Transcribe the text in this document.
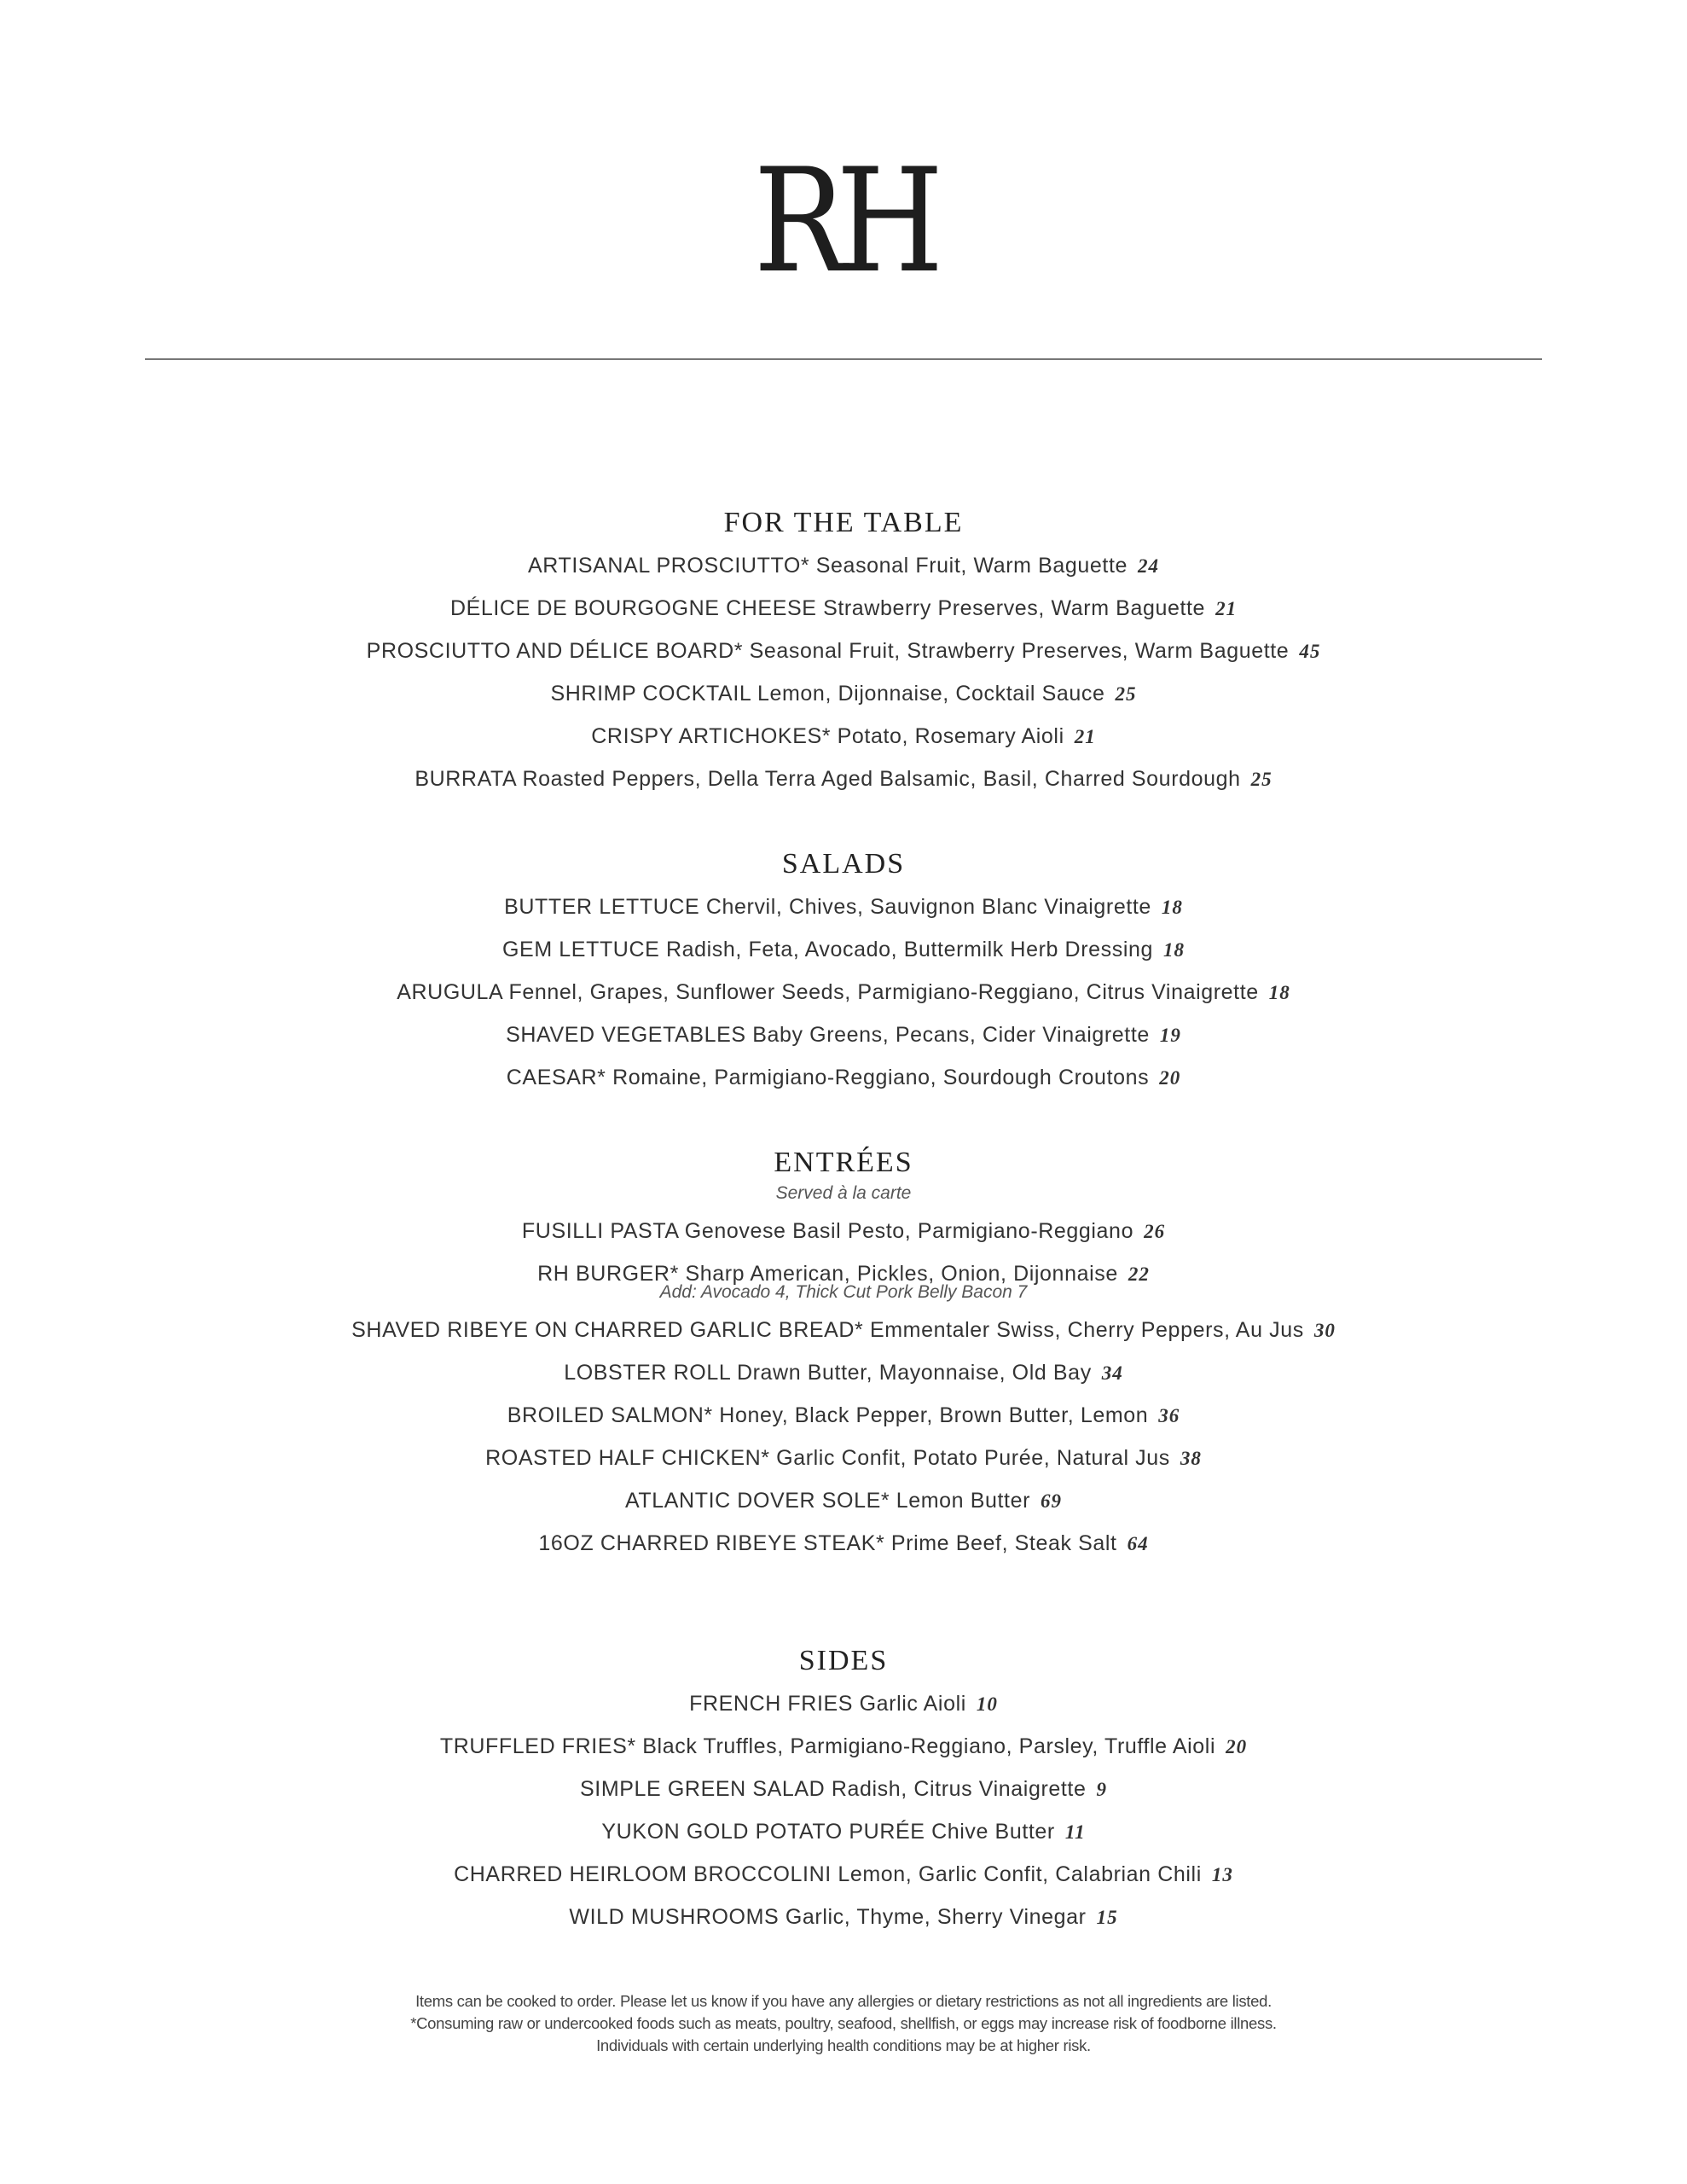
RH
FOR THE TABLE
ARTISANAL PROSCIUTTO* Seasonal Fruit, Warm Baguette 24
DÉLICE DE BOURGOGNE CHEESE Strawberry Preserves, Warm Baguette 21
PROSCIUTTO AND DÉLICE BOARD* Seasonal Fruit, Strawberry Preserves, Warm Baguette 45
SHRIMP COCKTAIL Lemon, Dijonnaise, Cocktail Sauce 25
CRISPY ARTICHOKES* Potato, Rosemary Aioli 21
BURRATA Roasted Peppers, Della Terra Aged Balsamic, Basil, Charred Sourdough 25
SALADS
BUTTER LETTUCE Chervil, Chives, Sauvignon Blanc Vinaigrette 18
GEM LETTUCE Radish, Feta, Avocado, Buttermilk Herb Dressing 18
ARUGULA Fennel, Grapes, Sunflower Seeds, Parmigiano-Reggiano, Citrus Vinaigrette 18
SHAVED VEGETABLES Baby Greens, Pecans, Cider Vinaigrette 19
CAESAR* Romaine, Parmigiano-Reggiano, Sourdough Croutons 20
ENTRÉES
Served à la carte
FUSILLI PASTA Genovese Basil Pesto, Parmigiano-Reggiano 26
RH BURGER* Sharp American, Pickles, Onion, Dijonnaise 22
Add: Avocado 4, Thick Cut Pork Belly Bacon 7
SHAVED RIBEYE ON CHARRED GARLIC BREAD* Emmentaler Swiss, Cherry Peppers, Au Jus 30
LOBSTER ROLL Drawn Butter, Mayonnaise, Old Bay 34
BROILED SALMON* Honey, Black Pepper, Brown Butter, Lemon 36
ROASTED HALF CHICKEN* Garlic Confit, Potato Purée, Natural Jus 38
ATLANTIC DOVER SOLE* Lemon Butter 69
16OZ CHARRED RIBEYE STEAK* Prime Beef, Steak Salt 64
SIDES
FRENCH FRIES Garlic Aioli 10
TRUFFLED FRIES* Black Truffles, Parmigiano-Reggiano, Parsley, Truffle Aioli 20
SIMPLE GREEN SALAD Radish, Citrus Vinaigrette 9
YUKON GOLD POTATO PURÉE Chive Butter 11
CHARRED HEIRLOOM BROCCOLINI Lemon, Garlic Confit, Calabrian Chili 13
WILD MUSHROOMS Garlic, Thyme, Sherry Vinegar 15
Items can be cooked to order. Please let us know if you have any allergies or dietary restrictions as not all ingredients are listed.
*Consuming raw or undercooked foods such as meats, poultry, seafood, shellfish, or eggs may increase risk of foodborne illness.
Individuals with certain underlying health conditions may be at higher risk.
